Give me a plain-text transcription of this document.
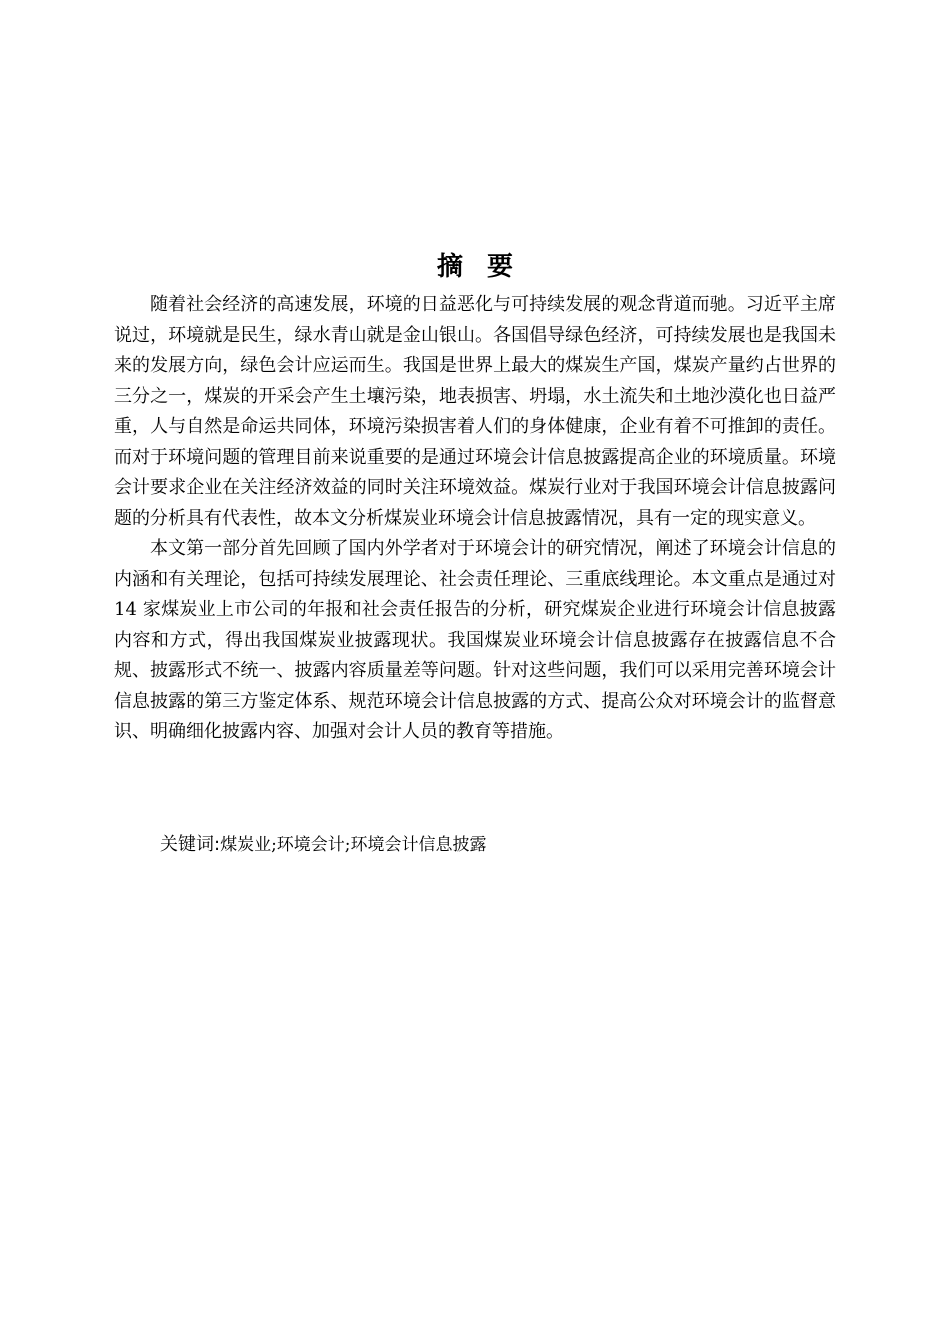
摘 要

随着社会经济的高速发展，环境的日益恶化与可持续发展的观念背道而驰。习近平主席说过，环境就是民生，绿水青山就是金山银山。各国倡导绿色经济，可持续发展也是我国未来的发展方向，绿色会计应运而生。我国是世界上最大的煤炭生产国，煤炭产量约占世界的三分之一，煤炭的开采会产生土壤污染，地表损害、坍塌，水土流失和土地沙漠化也日益严重，人与自然是命运共同体，环境污染损害着人们的身体健康，企业有着不可推卸的责任。而对于环境问题的管理目前来说重要的是通过环境会计信息披露提高企业的环境质量。环境会计要求企业在关注经济效益的同时关注环境效益。煤炭行业对于我国环境会计信息披露问题的分析具有代表性，故本文分析煤炭业环境会计信息披露情况，具有一定的现实意义。

本文第一部分首先回顾了国内外学者对于环境会计的研究情况，阐述了环境会计信息的内涵和有关理论，包括可持续发展理论、社会责任理论、三重底线理论。本文重点是通过对 14 家煤炭业上市公司的年报和社会责任报告的分析，研究煤炭企业进行环境会计信息披露内容和方式，得出我国煤炭业披露现状。我国煤炭业环境会计信息披露存在披露信息不合规、披露形式不统一、披露内容质量差等问题。针对这些问题，我们可以采用完善环境会计信息披露的第三方鉴定体系、规范环境会计信息披露的方式、提高公众对环境会计的监督意识、明确细化披露内容、加强对会计人员的教育等措施。

关键词:煤炭业;环境会计;环境会计信息披露
